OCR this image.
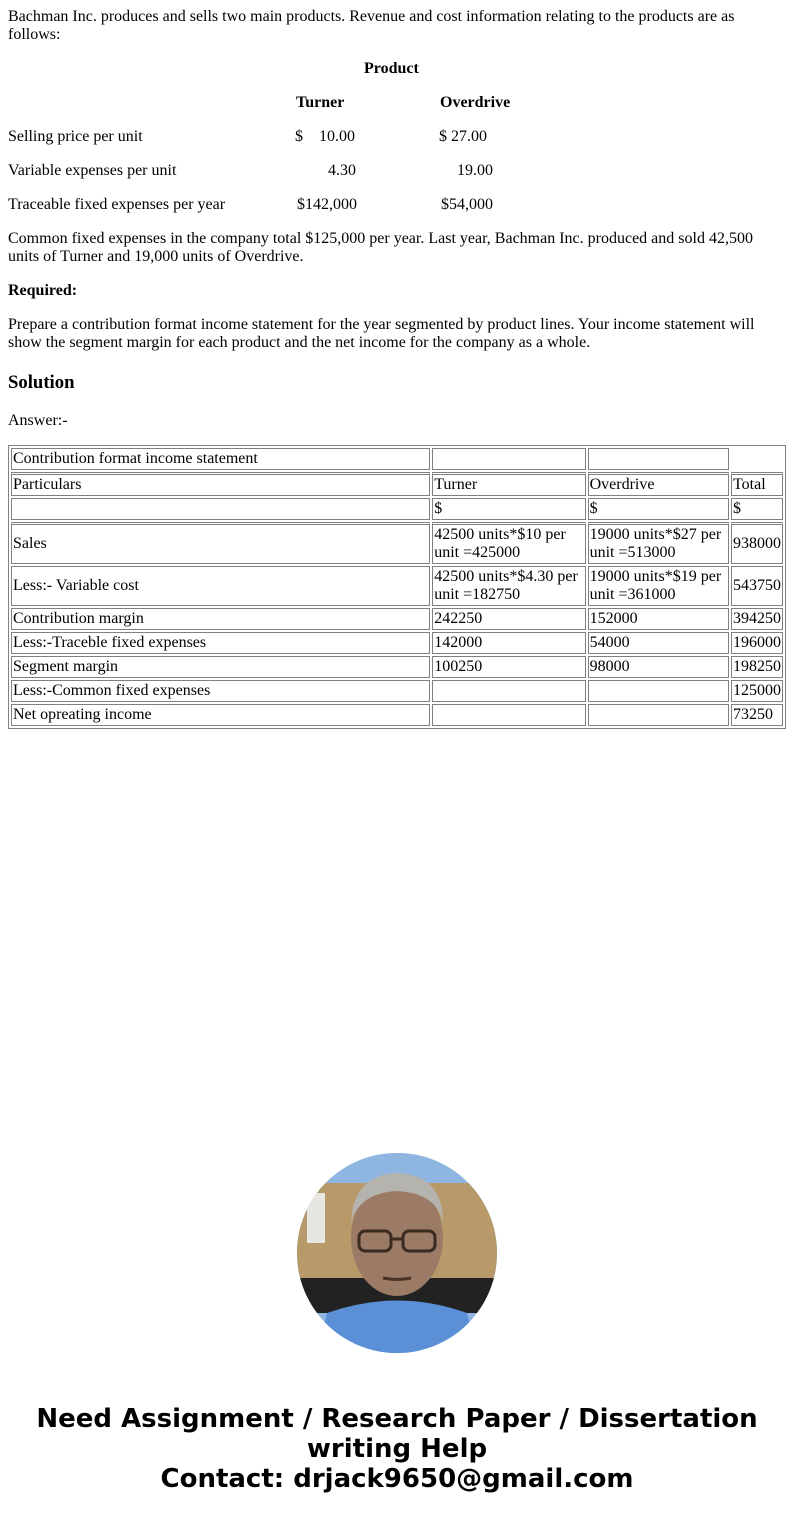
Bachman Inc. produces and sells two main products. Revenue and cost information relating to the products are as follows:

Product
Turner	Overdrive
Selling price per unit	$    10.00	$ 27.00
Variable expenses per unit	4.30	19.00
Traceable fixed expenses per year	$142,000	$54,000

Common fixed expenses in the company total $125,000 per year. Last year, Bachman Inc. produced and sold 42,500 units of Turner and 19,000 units of Overdrive.

Required:

Prepare a contribution format income statement for the year segmented by product lines. Your income statement will show the segment margin for each product and the net income for the company as a whole.

Solution
Answer:-
Contribution format income statement			
Particulars	Turner	Overdrive	Total
	$	$	$
Sales	42500 units*$10 per unit =425000	19000 units*$27 per unit =513000	938000
Less:- Variable cost	42500 units*$4.30 per unit =182750	19000 units*$19 per unit =361000	543750
Contribution margin	242250	152000	394250
Less:-Traceble fixed expenses	142000	54000	196000
Segment margin	100250	98000	198250
Less:-Common fixed expenses			125000
Net opreating income			73250
Need Assignment / Research Paper / Dissertation
writing Help
Contact: drjack9650@gmail.com
